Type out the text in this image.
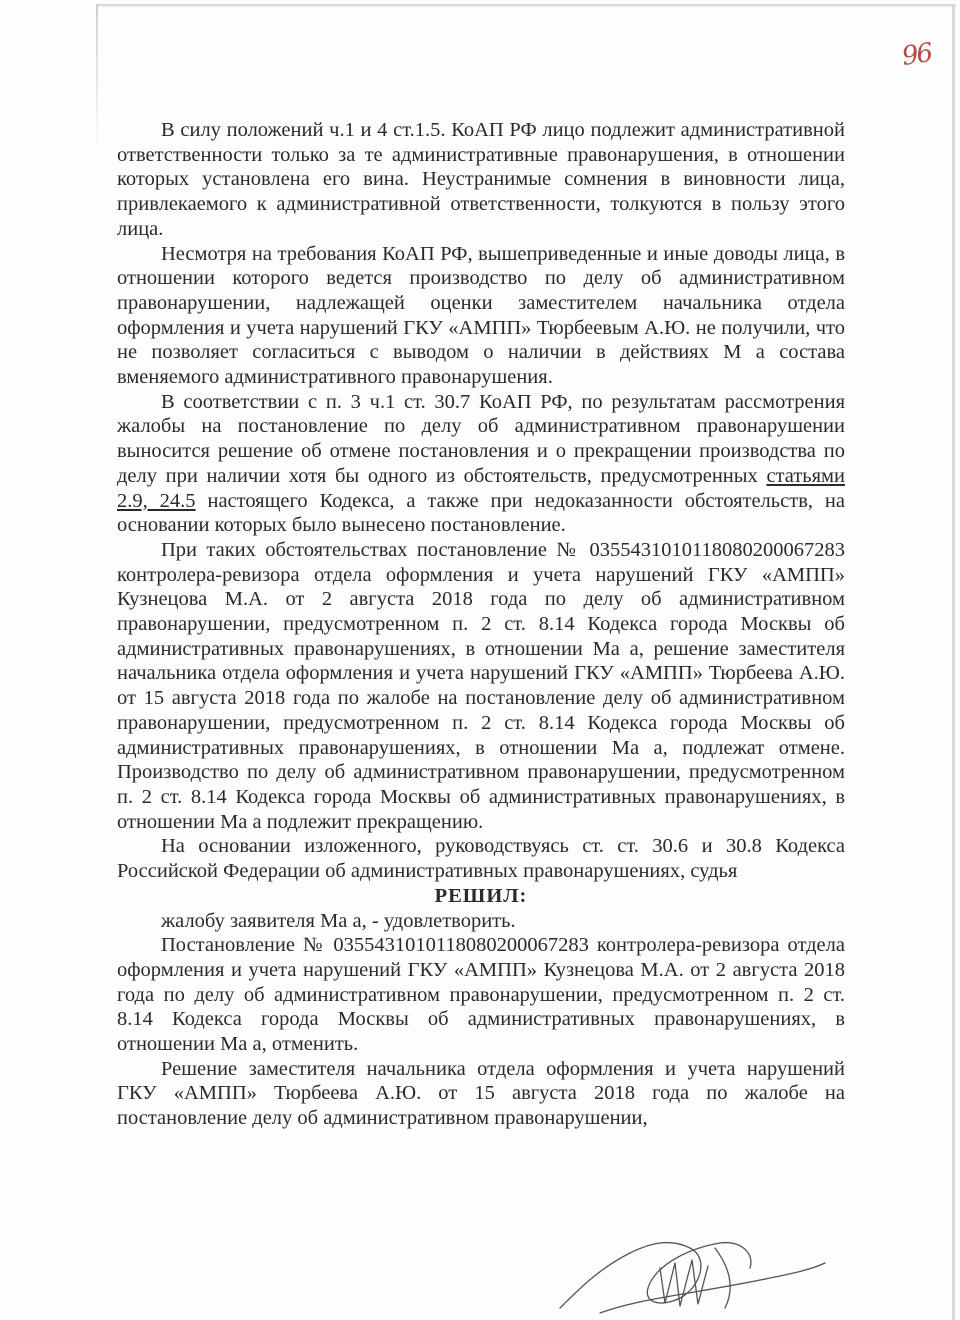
96

В силу положений ч.1 и 4 ст.1.5. КоАП РФ лицо подлежит административной ответственности только за те административные правонарушения, в отношении которых установлена его вина. Неустранимые сомнения в виновности лица, привлекаемого к административной ответственности, толкуются в пользу этого лица.

Несмотря на требования КоАП РФ, вышеприведенные и иные доводы лица, в отношении которого ведется производство по делу об административном правонарушении, надлежащей оценки заместителем начальника отдела оформления и учета нарушений ГКУ «АМПП» Тюрбеевым А.Ю. не получили, что не позволяет согласиться с выводом о наличии в действиях М а состава вменяемого административного правонарушения.

В соответствии с п. 3 ч.1 ст. 30.7 КоАП РФ, по результатам рассмотрения жалобы на постановление по делу об административном правонарушении выносится решение об отмене постановления и о прекращении производства по делу при наличии хотя бы одного из обстоятельств, предусмотренных статьями 2.9, 24.5 настоящего Кодекса, а также при недоказанности обстоятельств, на основании которых было вынесено постановление.

При таких обстоятельствах постановление № 0355431010118080200067283 контролера-ревизора отдела оформления и учета нарушений ГКУ «АМПП» Кузнецова М.А. от 2 августа 2018 года по делу об административном правонарушении, предусмотренном п. 2 ст. 8.14 Кодекса города Москвы об административных правонарушениях, в отношении Ма а, решение заместителя начальника отдела оформления и учета нарушений ГКУ «АМПП» Тюрбеева А.Ю. от 15 августа 2018 года по жалобе на постановление делу об административном правонарушении, предусмотренном п. 2 ст. 8.14 Кодекса города Москвы об административных правонарушениях, в отношении Ма а, подлежат отмене. Производство по делу об административном правонарушении, предусмотренном п. 2 ст. 8.14 Кодекса города Москвы об административных правонарушениях, в отношении Ма а подлежит прекращению.

На основании изложенного, руководствуясь ст. ст. 30.6 и 30.8 Кодекса Российской Федерации об административных правонарушениях, судья

РЕШИЛ:

жалобу заявителя Ма а, - удовлетворить.

Постановление № 0355431010118080200067283 контролера-ревизора отдела оформления и учета нарушений ГКУ «АМПП» Кузнецова М.А. от 2 августа 2018 года по делу об административном правонарушении, предусмотренном п. 2 ст. 8.14 Кодекса города Москвы об административных правонарушениях, в отношении Ма а, отменить.

Решение заместителя начальника отдела оформления и учета нарушений ГКУ «АМПП» Тюрбеева А.Ю. от 15 августа 2018 года по жалобе на постановление делу об административном правонарушении,
